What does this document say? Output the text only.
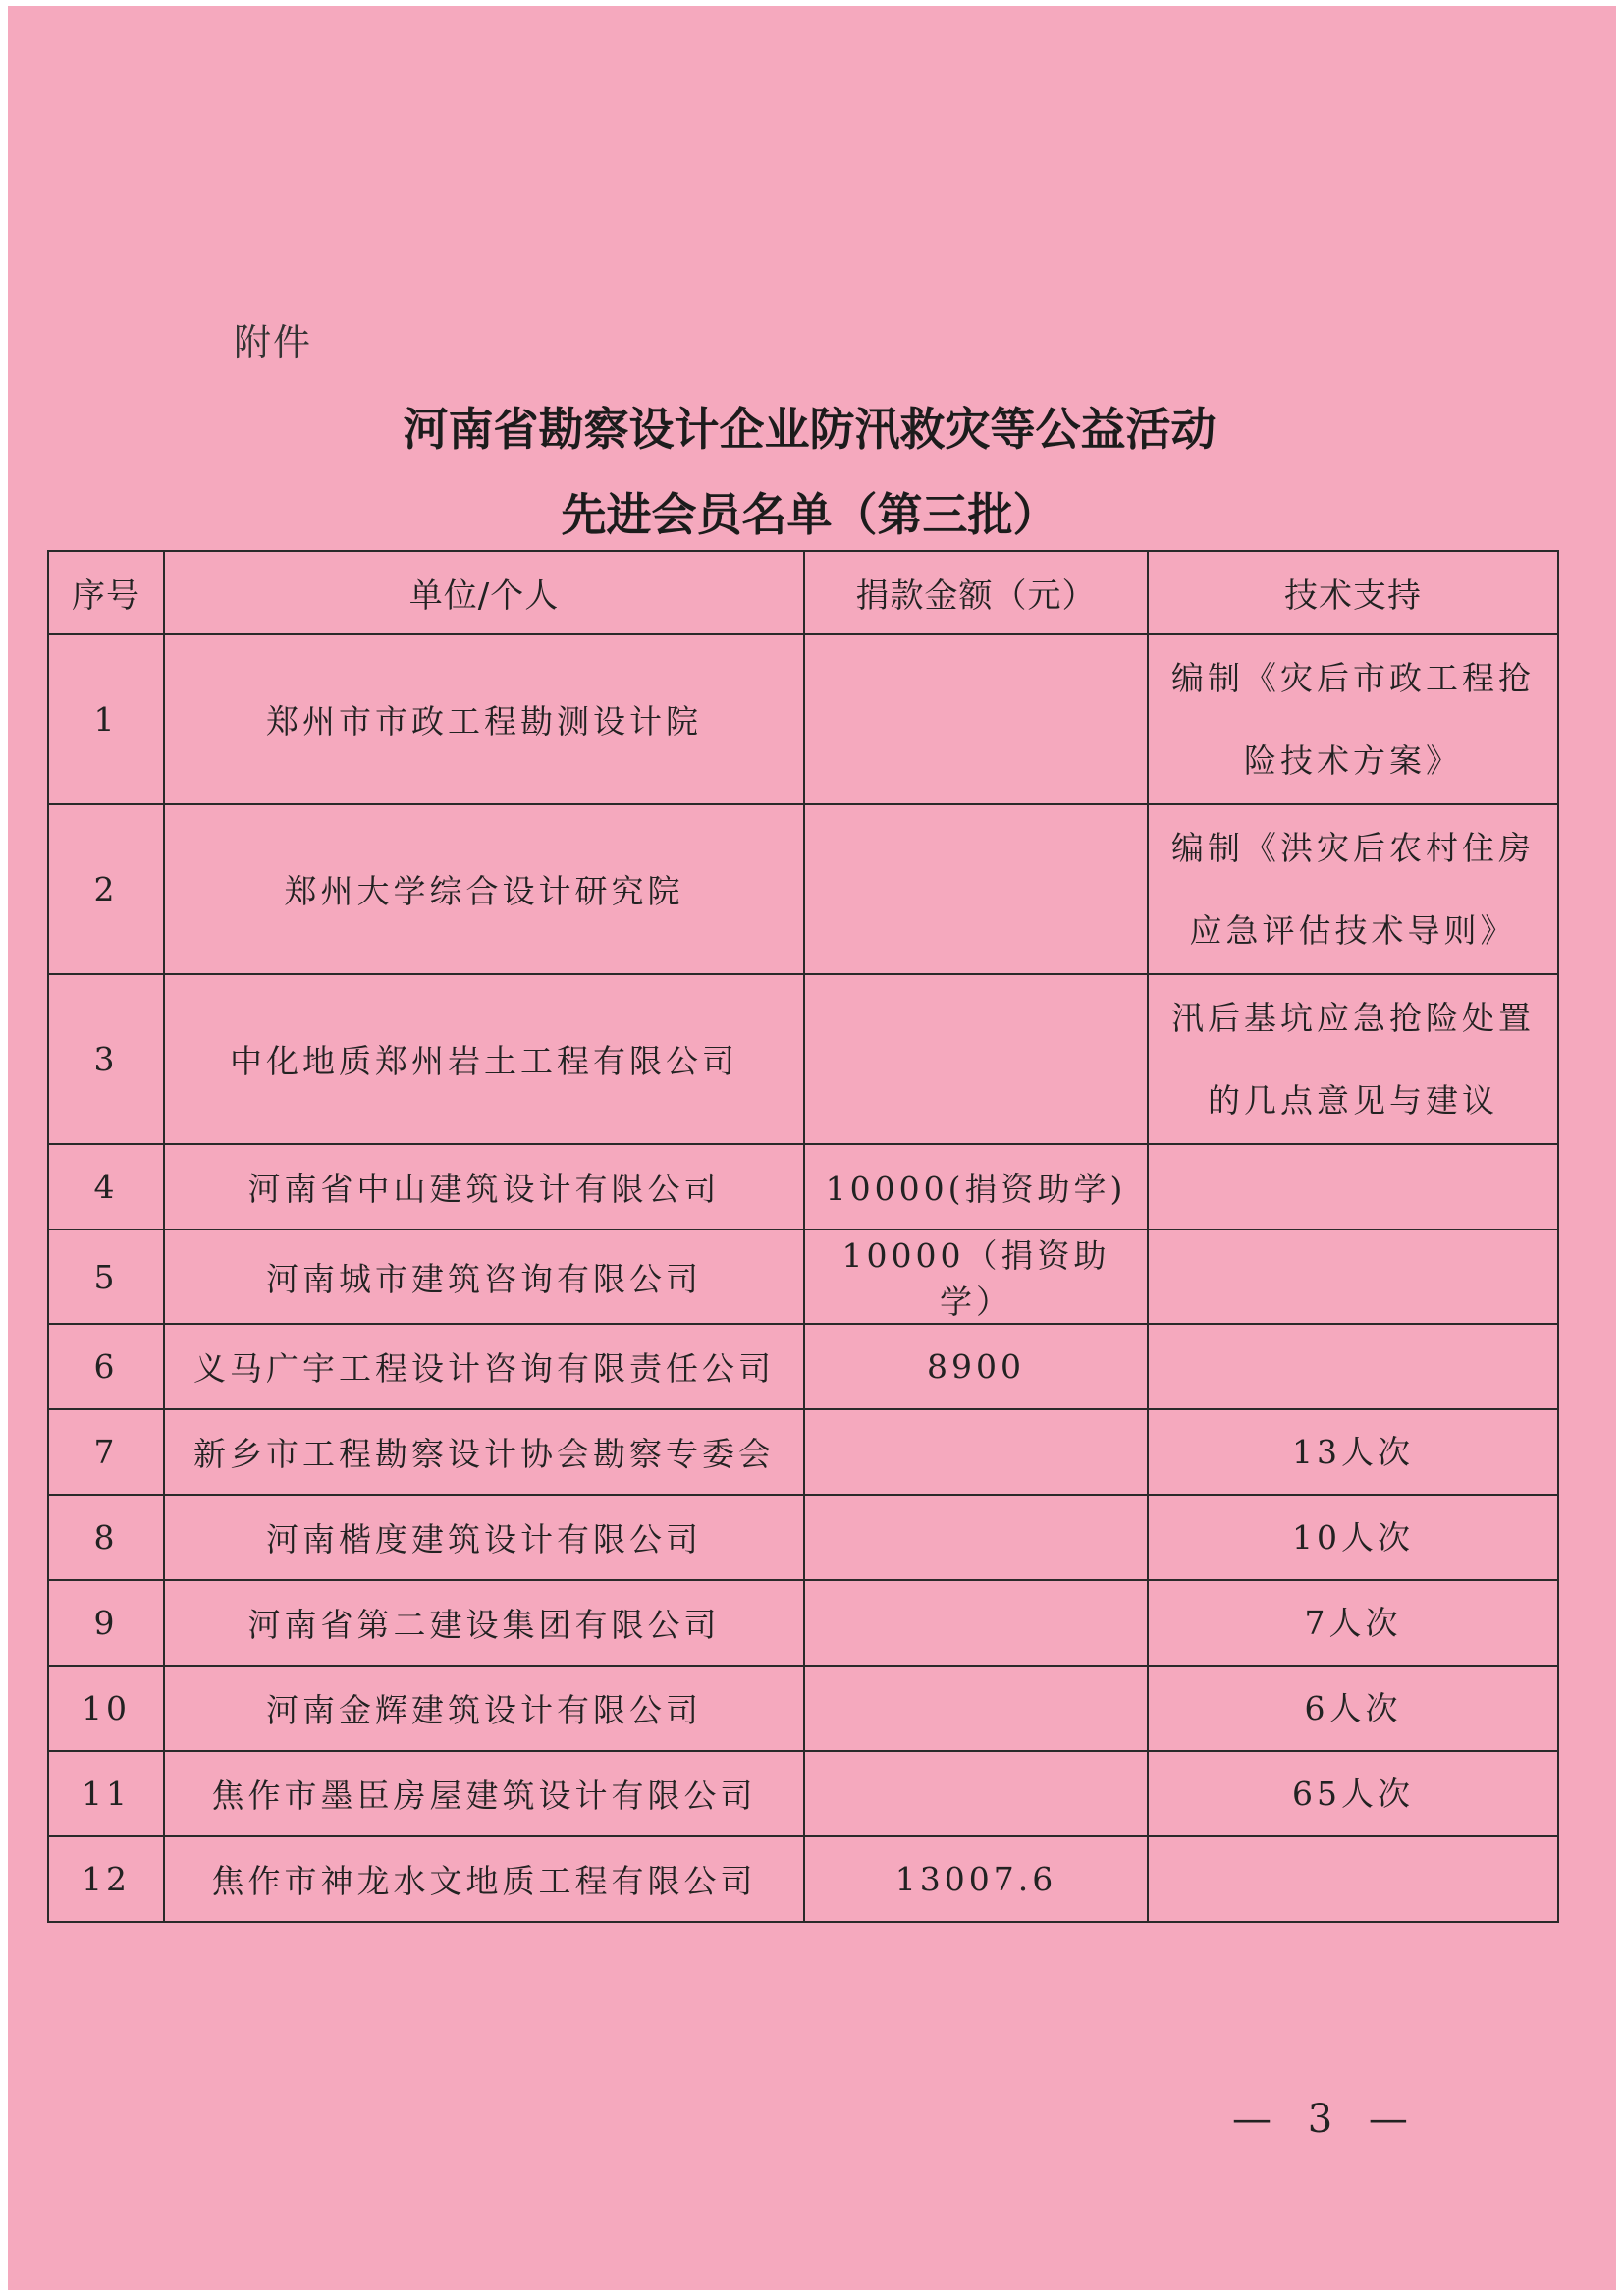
附件
河南省勘察设计企业防汛救灾等公益活动
先进会员名单（第三批）
序号	单位/个人	捐款金额（元）	技术支持
1	郑州市市政工程勘测设计院		编制《灾后市政工程抢险技术方案》
2	郑州大学综合设计研究院		编制《洪灾后农村住房应急评估技术导则》
3	中化地质郑州岩土工程有限公司		汛后基坑应急抢险处置的几点意见与建议
4	河南省中山建筑设计有限公司	10000(捐资助学)	
5	河南城市建筑咨询有限公司	10000（捐资助学）	
6	义马广宇工程设计咨询有限责任公司	8900	
7	新乡市工程勘察设计协会勘察专委会		13人次
8	河南楷度建筑设计有限公司		10人次
9	河南省第二建设集团有限公司		7人次
10	河南金辉建筑设计有限公司		6人次
11	焦作市墨臣房屋建筑设计有限公司		65人次
12	焦作市神龙水文地质工程有限公司	13007.6	
— 3 —
